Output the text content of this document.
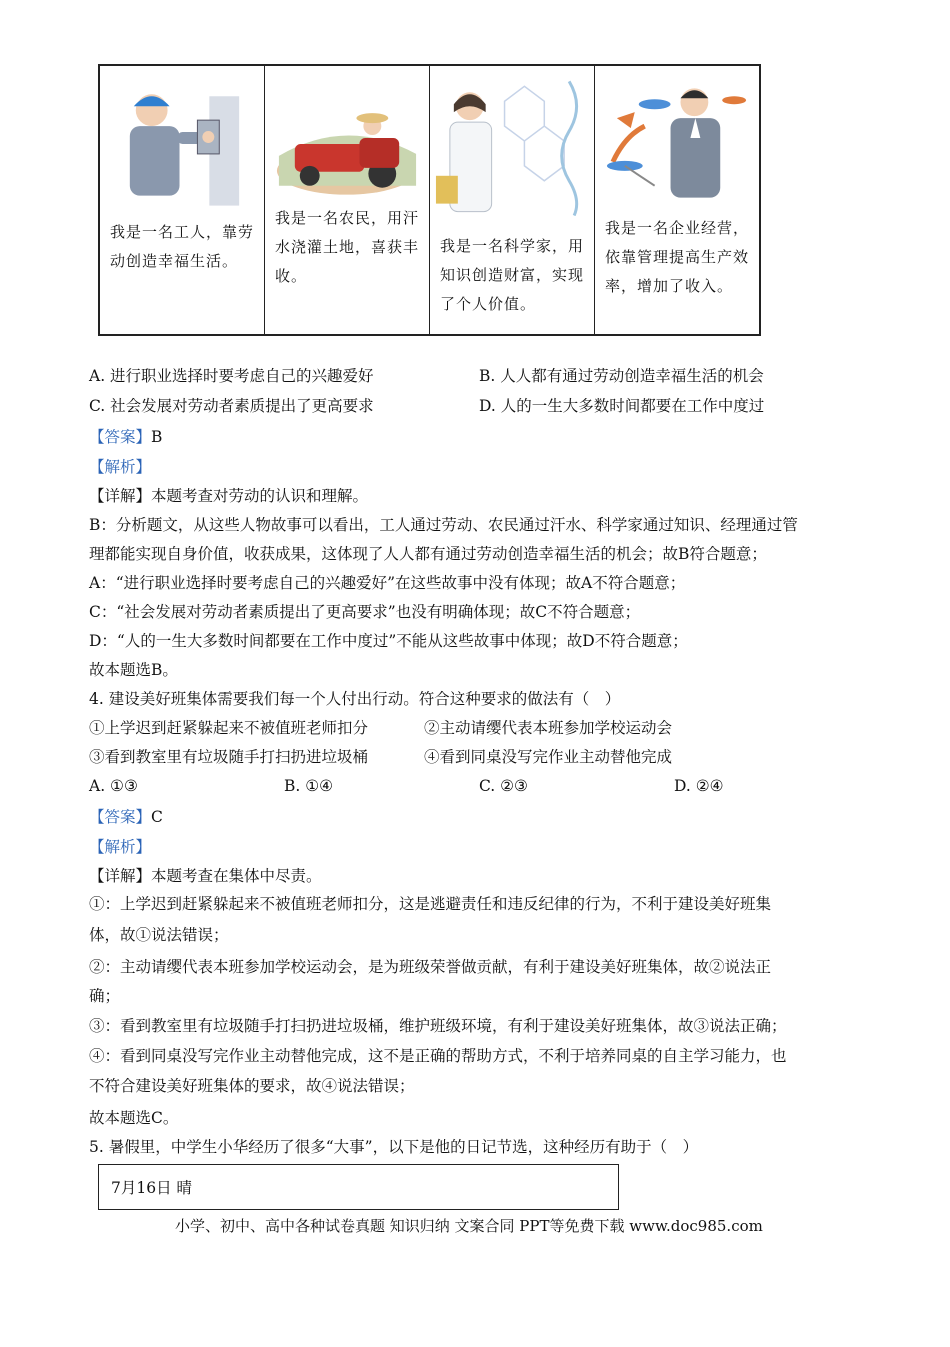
我是一名工人，靠劳动创造幸福生活。
我是一名农民，用汗水浇灌土地，喜获丰收。
我是一名科学家，用知识创造财富，实现了个人价值。
我是一名企业经营，依靠管理提高生产效率，增加了收入。
A. 进行职业选择时要考虑自己的兴趣爱好	B. 人人都有通过劳动创造幸福生活的机会
C. 社会发展对劳动者素质提出了更高要求	D. 人的一生大多数时间都要在工作中度过
【答案】B
【解析】
【详解】本题考查对劳动的认识和理解。
B：分析题文，从这些人物故事可以看出，工人通过劳动、农民通过汗水、科学家通过知识、经理通过管
理都能实现自身价值，收获成果，这体现了人人都有通过劳动创造幸福生活的机会；故B符合题意；
A：“进行职业选择时要考虑自己的兴趣爱好”在这些故事中没有体现；故A不符合题意；
C：“社会发展对劳动者素质提出了更高要求”也没有明确体现；故C不符合题意；
D：“人的一生大多数时间都要在工作中度过”不能从这些故事中体现；故D不符合题意；
故本题选B。
4. 建设美好班集体需要我们每一个人付出行动。符合这种要求的做法有（　）
①上学迟到赶紧躲起来不被值班老师扣分	②主动请缨代表本班参加学校运动会
③看到教室里有垃圾随手打扫扔进垃圾桶	④看到同桌没写完作业主动替他完成
A. ①③	B. ①④	C. ②③	D. ②④
【答案】C
【解析】
【详解】本题考查在集体中尽责。
①：上学迟到赶紧躲起来不被值班老师扣分，这是逃避责任和违反纪律的行为，不利于建设美好班集
体，故①说法错误；
②：主动请缨代表本班参加学校运动会，是为班级荣誉做贡献，有利于建设美好班集体，故②说法正
确；
③：看到教室里有垃圾随手打扫扔进垃圾桶，维护班级环境，有利于建设美好班集体，故③说法正确；
④：看到同桌没写完作业主动替他完成，这不是正确的帮助方式，不利于培养同桌的自主学习能力，也
不符合建设美好班集体的要求，故④说法错误；
故本题选C。
5. 暑假里，中学生小华经历了很多“大事”，以下是他的日记节选，这种经历有助于（　）
7月16日 晴
小学、初中、高中各种试卷真题 知识归纳 文案合同 PPT等免费下载 www.doc985.com
